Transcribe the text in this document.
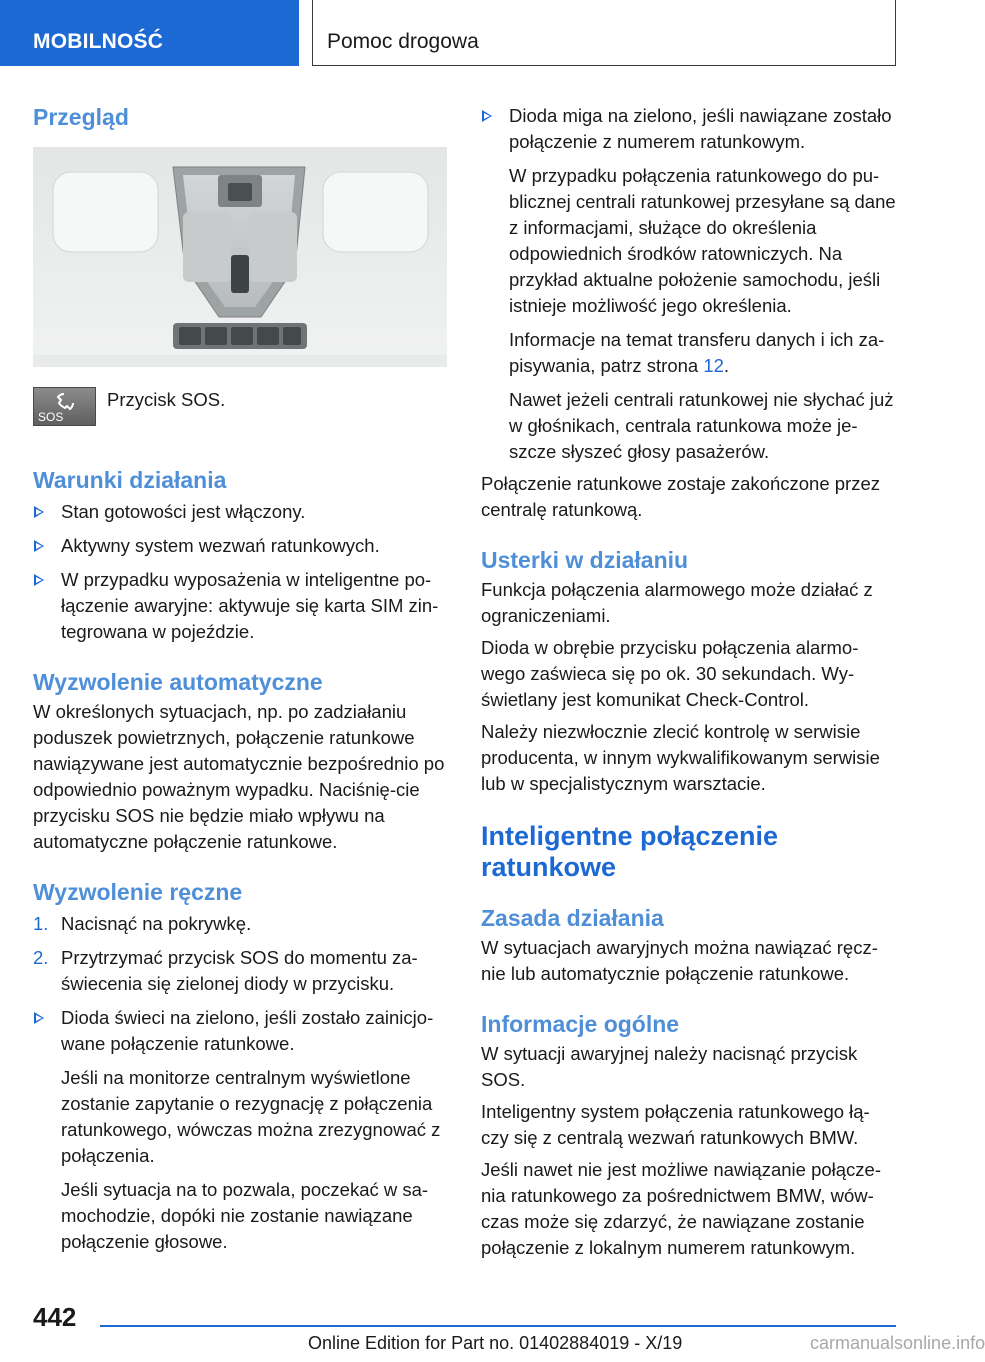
MOBILNOŚĆ	Pomoc drogowa
Przegląd
SOS
Przycisk SOS.
Warunki działania
Stan gotowości jest włączony.
Aktywny system wezwań ratunkowych.
W przypadku wyposażenia w inteligentne po‐łączenie awaryjne: aktywuje się karta SIM zin‐tegrowana w pojeździe.
Wyzwolenie automatyczne

W określonych sytuacjach, np. po zadziałaniu poduszek powietrznych, połączenie ratunkowe nawiązywane jest automatycznie bezpośrednio po odpowiednio poważnym wypadku. Naciśnię‐cie przycisku SOS nie będzie miało wpływu na automatyczne połączenie ratunkowe.

Wyzwolenie ręczne
1. Nacisnąć na pokrywkę.
2. Przytrzymać przycisk SOS do momentu za‐świecenia się zielonej diody w przycisku.
Dioda świeci na zielono, jeśli zostało zainicjo‐wane połączenie ratunkowe.

Jeśli na monitorze centralnym wyświetlone zostanie zapytanie o rezygnację z połączenia ratunkowego, wówczas można zrezygnować z połączenia.

Jeśli sytuacja na to pozwala, poczekać w sa‐mochodzie, dopóki nie zostanie nawiązane połączenie głosowe.

Dioda miga na zielono, jeśli nawiązane zostało połączenie z numerem ratunkowym.

W przypadku połączenia ratunkowego do pu‐blicznej centrali ratunkowej przesyłane są dane z informacjami, służące do określenia odpowiednich środków ratowniczych. Na przykład aktualne położenie samochodu, jeśli istnieje możliwość jego określenia.

Informacje na temat transferu danych i ich za‐pisywania, patrz strona 12.

Nawet jeżeli centrali ratunkowej nie słychać już w głośnikach, centrala ratunkowa może je‐szcze słyszeć głosy pasażerów.

Połączenie ratunkowe zostaje zakończone przez centralę ratunkową.

Usterki w działaniu

Funkcja połączenia alarmowego może działać z ograniczeniami.

Dioda w obrębie przycisku połączenia alarmo‐wego zaświeca się po ok. 30 sekundach. Wy‐świetlany jest komunikat Check-Control.

Należy niezwłocznie zlecić kontrolę w serwisie producenta, w innym wykwalifikowanym serwisie lub w specjalistycznym warsztacie.

Inteligentne połączenie
ratunkowe
Zasada działania

W sytuacjach awaryjnych można nawiązać ręcz‐nie lub automatycznie połączenie ratunkowe.

Informacje ogólne

W sytuacji awaryjnej należy nacisnąć przycisk SOS.

Inteligentny system połączenia ratunkowego łą‐czy się z centralą wezwań ratunkowych BMW.

Jeśli nawet nie jest możliwe nawiązanie połącze‐nia ratunkowego za pośrednictwem BMW, wów‐czas może się zdarzyć, że nawiązane zostanie połączenie z lokalnym numerem ratunkowym.

442
Online Edition for Part no. 01402884019 - X/19	carmanualsonline.info
